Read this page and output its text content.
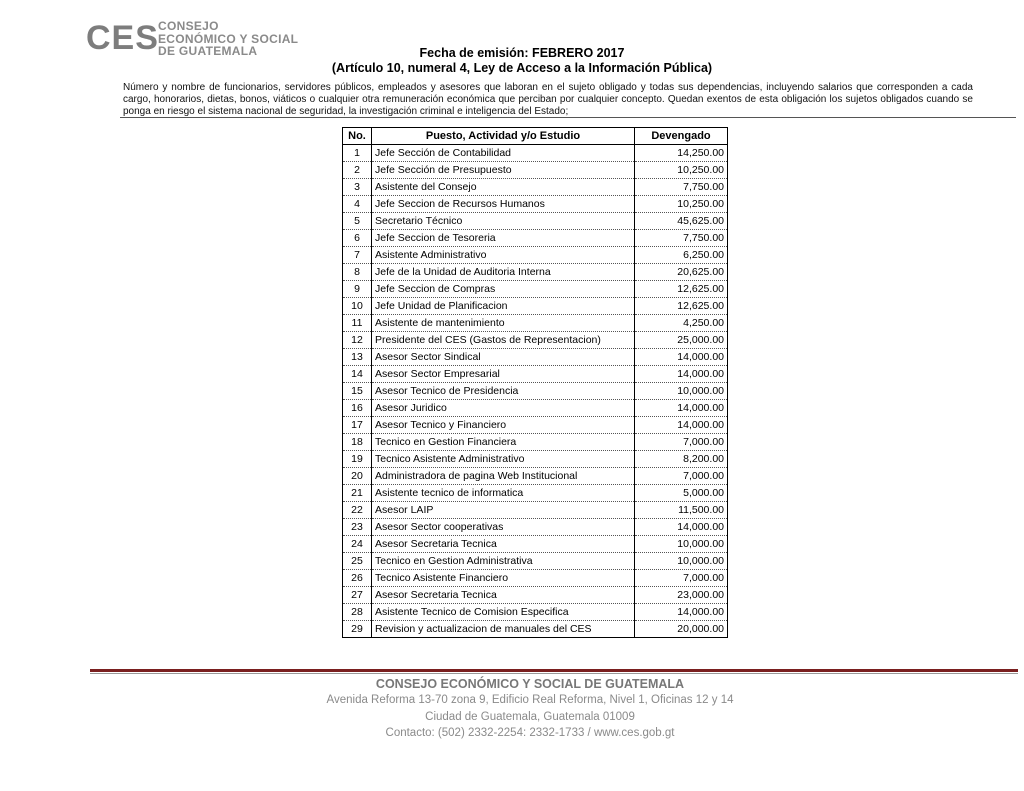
CES CONSEJO
ECONÓMICO Y SOCIAL
DE GUATEMALA	Fecha de emisión: FEBRERO 2017
(Artículo 10, numeral 4, Ley de Acceso a la Información Pública)
Número y nombre de funcionarios, servidores públicos, empleados y asesores que laboran en el sujeto obligado y todas sus dependencias, incluyendo salarios que corresponden a cada cargo, honorarios, dietas, bonos, viáticos o cualquier otra remuneración económica que perciban por cualquier concepto. Quedan exentos de esta obligación los sujetos obligados cuando se ponga en riesgo el sistema nacional de seguridad, la investigación criminal e inteligencia del Estado;
No.	Puesto, Actividad y/o Estudio	Devengado
1	Jefe Sección de Contabilidad	14,250.00
2	Jefe Sección de Presupuesto	10,250.00
3	Asistente del Consejo	7,750.00
4	Jefe Seccion de Recursos Humanos	10,250.00
5	Secretario Técnico	45,625.00
6	Jefe Seccion de Tesoreria	7,750.00
7	Asistente Administrativo	6,250.00
8	Jefe de la Unidad de Auditoria Interna	20,625.00
9	Jefe Seccion de Compras	12,625.00
10	Jefe Unidad de Planificacion	12,625.00
11	Asistente de mantenimiento	4,250.00
12	Presidente del CES (Gastos de Representacion)	25,000.00
13	Asesor Sector Sindical	14,000.00
14	Asesor Sector Empresarial	14,000.00
15	Asesor Tecnico de Presidencia	10,000.00
16	Asesor Juridico	14,000.00
17	Asesor Tecnico y Financiero	14,000.00
18	Tecnico en Gestion Financiera	7,000.00
19	Tecnico Asistente Administrativo	8,200.00
20	Administradora de pagina Web Institucional	7,000.00
21	Asistente tecnico de informatica	5,000.00
22	Asesor LAIP	11,500.00
23	Asesor Sector cooperativas	14,000.00
24	Asesor Secretaria Tecnica	10,000.00
25	Tecnico en Gestion Administrativa	10,000.00
26	Tecnico Asistente Financiero	7,000.00
27	Asesor Secretaria Tecnica	23,000.00
28	Asistente Tecnico de Comision Especifica	14,000.00
29	Revision y actualizacion de manuales del CES	20,000.00
CONSEJO ECONÓMICO Y SOCIAL DE GUATEMALA
Avenida Reforma 13-70 zona 9, Edificio Real Reforma, Nivel 1, Oficinas 12 y 14
Ciudad de Guatemala, Guatemala 01009
Contacto: (502) 2332-2254: 2332-1733 / www.ces.gob.gt
